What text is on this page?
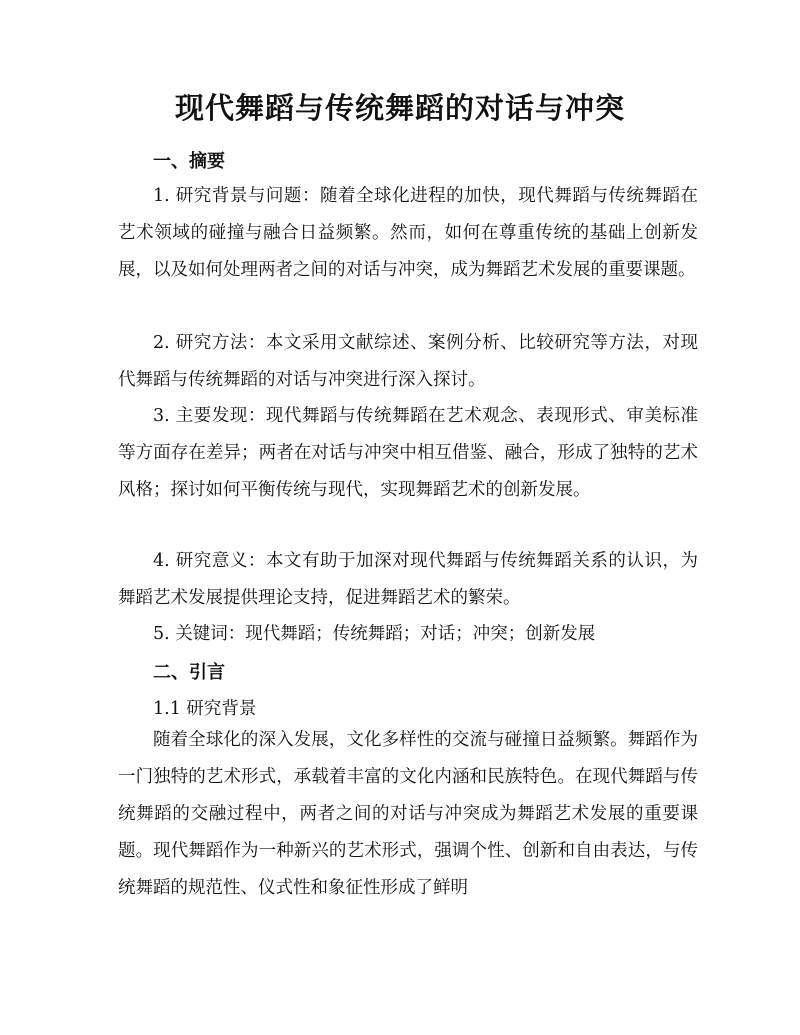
现代舞蹈与传统舞蹈的对话与冲突
一、摘要

1. 研究背景与问题：随着全球化进程的加快，现代舞蹈与传统舞蹈在艺术领域的碰撞与融合日益频繁。然而，如何在尊重传统的基础上创新发展，以及如何处理两者之间的对话与冲突，成为舞蹈艺术发展的重要课题。

2. 研究方法：本文采用文献综述、案例分析、比较研究等方法，对现代舞蹈与传统舞蹈的对话与冲突进行深入探讨。

3. 主要发现：现代舞蹈与传统舞蹈在艺术观念、表现形式、审美标准等方面存在差异；两者在对话与冲突中相互借鉴、融合，形成了独特的艺术风格；探讨如何平衡传统与现代，实现舞蹈艺术的创新发展。

4. 研究意义：本文有助于加深对现代舞蹈与传统舞蹈关系的认识，为舞蹈艺术发展提供理论支持，促进舞蹈艺术的繁荣。

5. 关键词：现代舞蹈；传统舞蹈；对话；冲突；创新发展

二、引言

1.1 研究背景

随着全球化的深入发展，文化多样性的交流与碰撞日益频繁。舞蹈作为一门独特的艺术形式，承载着丰富的文化内涵和民族特色。在现代舞蹈与传统舞蹈的交融过程中，两者之间的对话与冲突成为舞蹈艺术发展的重要课题。现代舞蹈作为一种新兴的艺术形式，强调个性、创新和自由表达，与传统舞蹈的规范性、仪式性和象征性形成了鲜明
